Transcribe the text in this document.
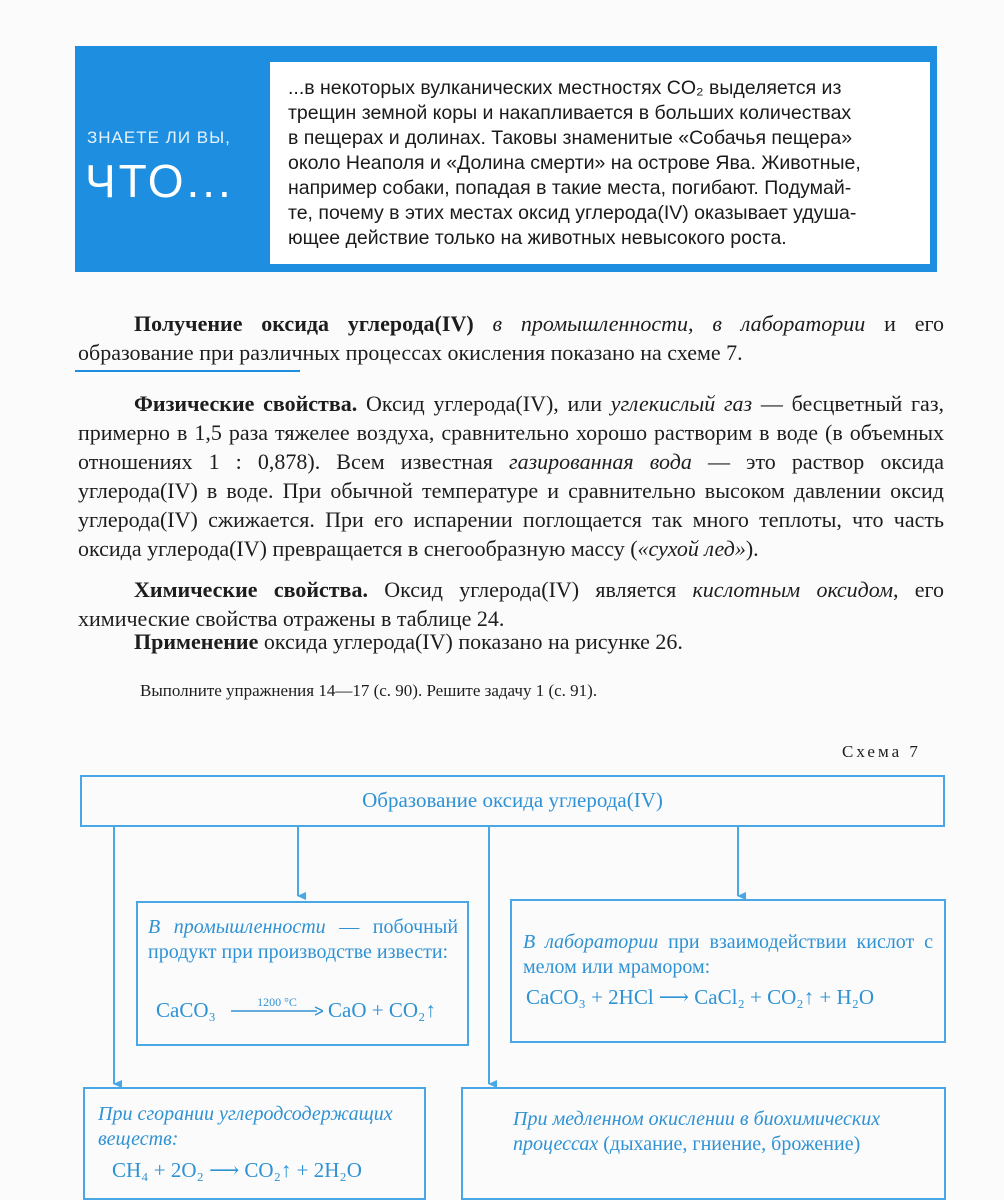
ЗНАЕТЕ ЛИ ВЫ,
ЧТО...
...в некоторых вулканических местностях CO₂ выделяется из
трещин земной коры и накапливается в больших количествах
в пещерах и долинах. Таковы знаменитые «Собачья пещера»
около Неаполя и «Долина смерти» на острове Ява. Животные,
например собаки, попадая в такие места, погибают. Подумай-
те, почему в этих местах оксид углерода(IV) оказывает удуша-
ющее действие только на животных невысокого роста.
Получение оксида углерода(IV) в промышленности, в лаборатории и его образование при различных процессах окисления показано на схеме 7.
Физические свойства. Оксид углерода(IV), или углекислый газ — бесцветный газ, примерно в 1,5 раза тяжелее воздуха, сравнительно хорошо растворим в воде (в объемных отношениях 1 : 0,878). Всем известная газированная вода — это раствор оксида углерода(IV) в воде. При обычной температуре и сравнительно высоком давлении оксид углерода(IV) сжижается. При его испарении поглощается так много теплоты, что часть оксида углерода(IV) превращается в снегообразную массу («сухой лед»).
Химические свойства. Оксид углерода(IV) является кислотным оксидом, его химические свойства отражены в таблице 24.
Применение оксида углерода(IV) показано на рисунке 26.
Выполните упражнения 14—17 (с. 90). Решите задачу 1 (с. 91).
Схема 7
Образование оксида углерода(IV)
В промышленности — побочный продукт при производстве извести:
CaCO₃	1200 °C	CaO + CO₂↑
В лаборатории при взаимодействии кислот с мелом или мрамором:
CaCO₃ + 2HCl ⟶ CaCl₂ + CO₂↑ + H₂O
При сгорании углеродсодержащих веществ:
CH₄ + 2O₂ ⟶ CO₂↑ + 2H₂O
При медленном окислении в биохимических процессах (дыхание, гниение, брожение)
